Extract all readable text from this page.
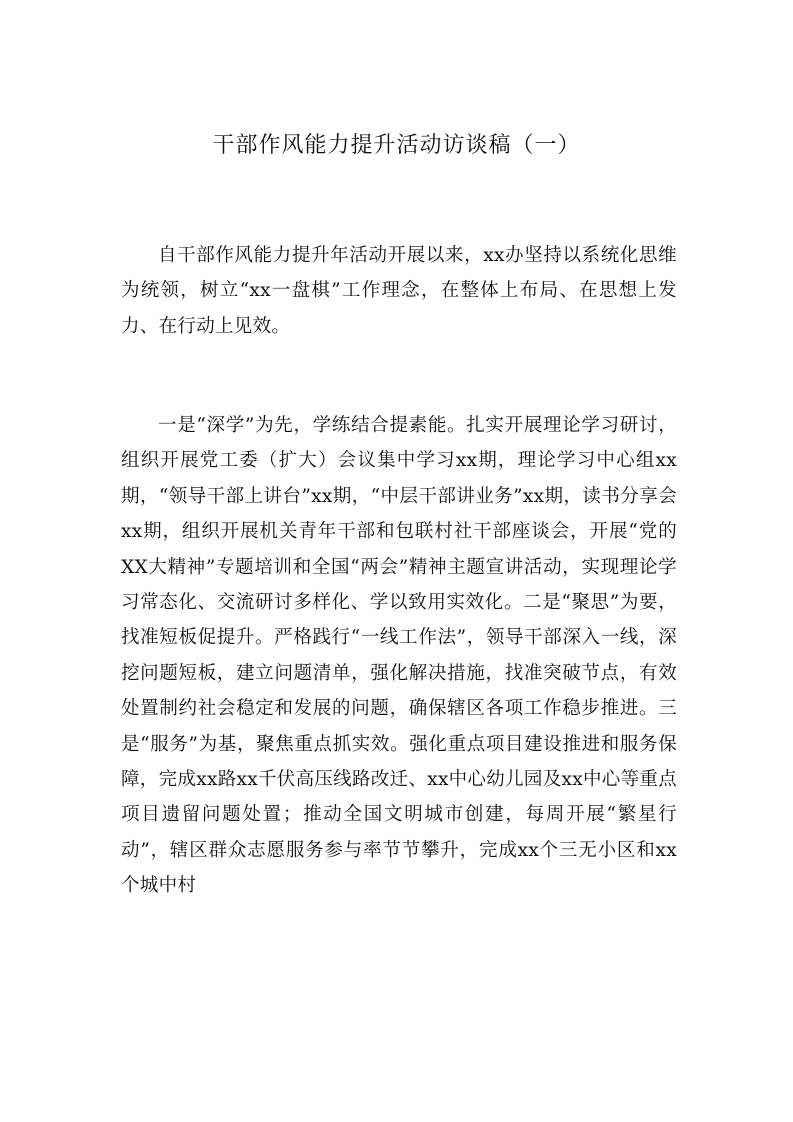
干部作风能力提升活动访谈稿（一）

自干部作风能力提升年活动开展以来，xx办坚持以系统化思维为统领，树立“xx一盘棋”工作理念，在整体上布局、在思想上发力、在行动上见效。

一是“深学”为先，学练结合提素能。扎实开展理论学习研讨，组织开展党工委（扩大）会议集中学习xx期，理论学习中心组xx期，“领导干部上讲台”xx期，“中层干部讲业务”xx期，读书分享会xx期，组织开展机关青年干部和包联村社干部座谈会，开展“党的XX大精神”专题培训和全国“两会”精神主题宣讲活动，实现理论学习常态化、交流研讨多样化、学以致用实效化。二是“聚思”为要，找准短板促提升。严格践行“一线工作法”，领导干部深入一线，深挖问题短板，建立问题清单，强化解决措施，找准突破节点，有效处置制约社会稳定和发展的问题，确保辖区各项工作稳步推进。三是“服务”为基，聚焦重点抓实效。强化重点项目建设推进和服务保障，完成xx路xx千伏高压线路改迁、xx中心幼儿园及xx中心等重点项目遗留问题处置；推动全国文明城市创建，每周开展“繁星行动”，辖区群众志愿服务参与率节节攀升，完成xx个三无小区和xx个城中村
